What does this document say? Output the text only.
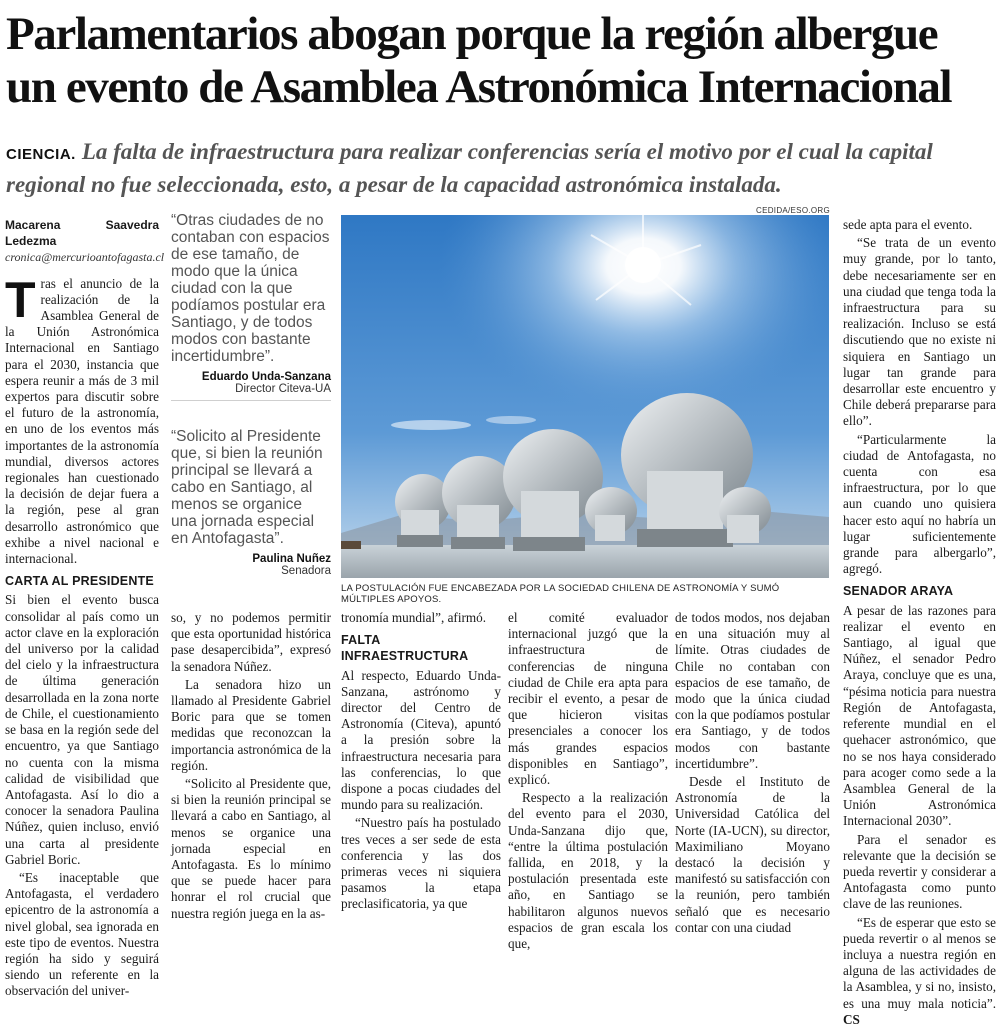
Parlamentarios abogan porque la región albergue
un evento de Asamblea Astronómica Internacional
CIENCIA. La falta de infraestructura para realizar conferencias sería el motivo por el cual la capital regional no fue seleccionada, esto, a pesar de la capacidad astronómica instalada.
Macarena Saavedra Ledezma
cronica@mercurioantofagasta.cl

Tras el anuncio de la realización de la Asamblea General de la Unión Astronómica Internacional en Santiago para el 2030, instancia que espera reunir a más de 3 mil expertos para discutir sobre el futuro de la astronomía, en uno de los eventos más importantes de la astronomía mundial, diversos actores regionales han cuestionado la decisión de dejar fuera a la región, pese al gran desarrollo astronómico que exhibe a nivel nacional e internacional.

CARTA AL PRESIDENTE

Si bien el evento busca consolidar al país como un actor clave en la exploración del universo por la calidad del cielo y la infraestructura de última generación desarrollada en la zona norte de Chile, el cuestionamiento se basa en la región sede del encuentro, ya que Santiago no cuenta con la misma calidad de visibilidad que Antofagasta. Así lo dio a conocer la senadora Paulina Núñez, quien incluso, envió una carta al presidente Gabriel Boric.

“Es inaceptable que Antofagasta, el verdadero epicentro de la astronomía a nivel global, sea ignorada en este tipo de eventos. Nuestra región ha sido y seguirá siendo un referente en la observación del univer-

“Otras ciudades de no contaban con espacios de ese tamaño, de modo que la única ciudad con la que podíamos postular era Santiago, y de todos modos con bastante incertidumbre”.
Eduardo Unda-Sanzana
Director Citeva-UA
“Solicito al Presidente que, si bien la reunión principal se llevará a cabo en Santiago, al menos se organice una jornada especial en Antofagasta”.
Paulina Nuñez
Senadora
CEDIDA/ESO.ORG
LA POSTULACIÓN FUE ENCABEZADA POR LA SOCIEDAD CHILENA DE ASTRONOMÍA Y SUMÓ MÚLTIPLES APOYOS.

so, y no podemos permitir que esta oportunidad histórica pase desapercibida”, expresó la senadora Núñez.

La senadora hizo un llamado al Presidente Gabriel Boric para que se tomen medidas que reconozcan la importancia astronómica de la región.

“Solicito al Presidente que, si bien la reunión principal se llevará a cabo en Santiago, al menos se organice una jornada especial en Antofagasta. Es lo mínimo que se puede hacer para honrar el rol crucial que nuestra región juega en la as-

tronomía mundial”, afirmó.

FALTA INFRAESTRUCTURA

Al respecto, Eduardo Unda-Sanzana, astrónomo y director del Centro de Astronomía (Citeva), apuntó a la presión sobre la infraestructura necesaria para las conferencias, lo que dispone a pocas ciudades del mundo para su realización.

“Nuestro país ha postulado tres veces a ser sede de esta conferencia y las dos primeras veces ni siquiera pasamos la etapa preclasificatoria, ya que

el comité evaluador internacional juzgó que la infraestructura de conferencias de ninguna ciudad de Chile era apta para recibir el evento, a pesar de que hicieron visitas presenciales a conocer los más grandes espacios disponibles en Santiago”, explicó.

Respecto a la realización del evento para el 2030, Unda-Sanzana dijo que, “entre la última postulación fallida, en 2018, y la postulación presentada este año, en Santiago se habilitaron algunos nuevos espacios de gran escala los que,

de todos modos, nos dejaban en una situación muy al límite. Otras ciudades de Chile no contaban con espacios de ese tamaño, de modo que la única ciudad con la que podíamos postular era Santiago, y de todos modos con bastante incertidumbre”.

Desde el Instituto de Astronomía de la Universidad Católica del Norte (IA-UCN), su director, Maximiliano Moyano destacó la decisión y manifestó su satisfacción con la reunión, pero también señaló que es necesario contar con una ciudad

sede apta para el evento.

“Se trata de un evento muy grande, por lo tanto, debe necesariamente ser en una ciudad que tenga toda la infraestructura para su realización. Incluso se está discutiendo que no existe ni siquiera en Santiago un lugar tan grande para desarrollar este encuentro y Chile deberá prepararse para ello”.

“Particularmente la ciudad de Antofagasta, no cuenta con esa infraestructura, por lo que aun cuando uno quisiera hacer esto aquí no habría un lugar suficientemente grande para albergarlo”, agregó.

SENADOR ARAYA

A pesar de las razones para realizar el evento en Santiago, al igual que Núñez, el senador Pedro Araya, concluye que es una, “pésima noticia para nuestra Región de Antofagasta, referente mundial en el quehacer astronómico, que no se nos haya considerado para acoger como sede a la Asamblea General de la Unión Astronómica Internacional 2030”.

Para el senador es relevante que la decisión se pueda revertir y considerar a Antofagasta como punto clave de las reuniones.

“Es de esperar que esto se pueda revertir o al menos se incluya a nuestra región en alguna de las actividades de la Asamblea, y si no, insisto, es una muy mala noticia”. CS
